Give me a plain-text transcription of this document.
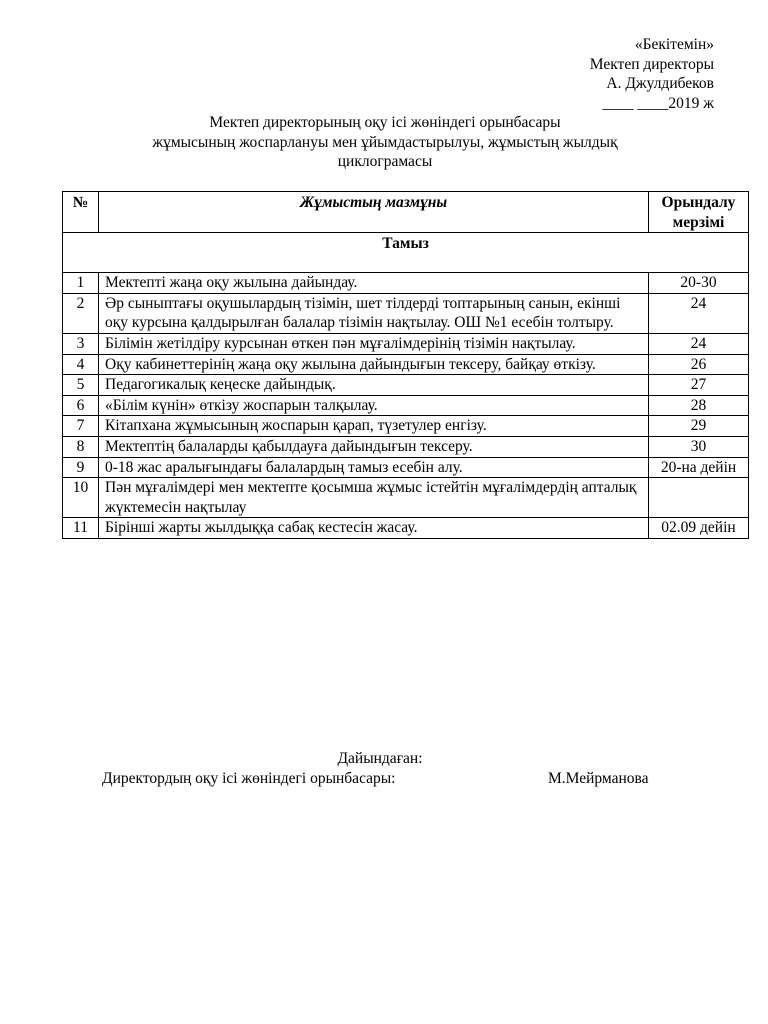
«Бекітемін»
Мектеп директоры
А. Джулдибеков
____ ____2019 ж
Мектеп директорының оқу ісі жөніндегі орынбасары
жұмысының жоспарлануы мен ұйымдастырылуы, жұмыстың жылдық
циклограмасы
№	Жұмыстың мазмұны	Орындалу
мерзімі

Тамыз		
1	Мектепті жаңа оқу жылына дайындау.	20-30
2	Әр сыныптағы оқушылардың тізімін, шет тілдерді топтарының санын, екінші оқу курсына қалдырылған балалар тізімін нақтылау. ОШ №1 есебін толтыру.	24
3	Білімін жетілдіру курсынан өткен пән мұғалімдерінің тізімін нақтылау.	24
4	Оқу кабинеттерінің жаңа оқу жылына дайындығын тексеру, байқау өткізу.	26
5	Педагогикалық кеңеске дайындық.	27
6	«Білім күнін» өткізу жоспарын талқылау.	28
7	Кітапхана жұмысының жоспарын қарап, түзетулер енгізу.	29
8	Мектептің балаларды қабылдауға дайындығын тексеру.	30
9	0-18 жас аралығындағы балалардың тамыз есебін алу.	20-на дейін
10	Пән мұғалімдері мен мектепте қосымша жұмыс істейтін мұғалімдердің апталық жүктемесін нақтылау	
11	Бірінші жарты жылдыққа сабақ кестесін жасау.	02.09 дейін
Дайындаған:
Директордың оқу ісі жөніндегі орынбасары:	М.Мейрманова
